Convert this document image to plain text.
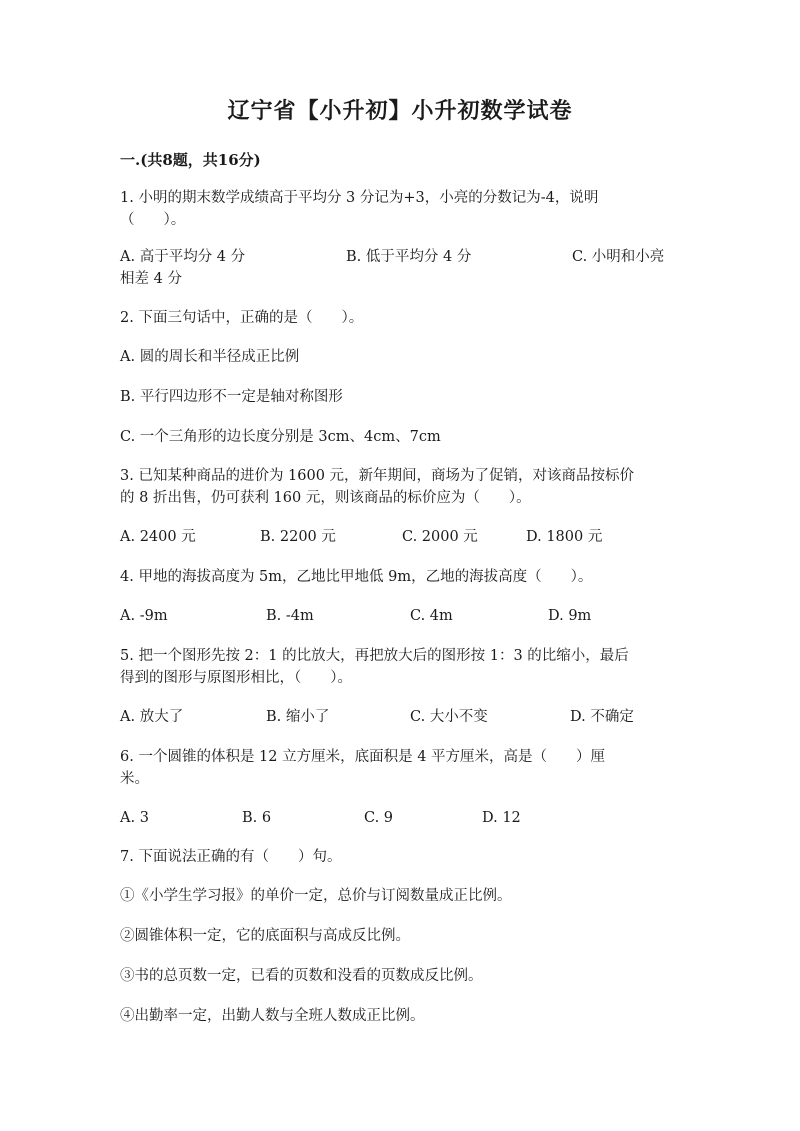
辽宁省【小升初】小升初数学试卷
一.(共8题，共16分)
1. 小明的期末数学成绩高于平均分 3 分记为+3，小亮的分数记为-4，说明
（　　）。
A. 高于平均分 4 分	B. 低于平均分 4 分	C. 小明和小亮
相差 4 分
2. 下面三句话中，正确的是（　　）。
A. 圆的周长和半径成正比例
B. 平行四边形不一定是轴对称图形
C. 一个三角形的边长度分别是 3cm、4cm、7cm
3. 已知某种商品的进价为 1600 元，新年期间，商场为了促销，对该商品按标价
的 8 折出售，仍可获利 160 元，则该商品的标价应为（　　）。
A. 2400 元	B. 2200 元	C. 2000 元	D. 1800 元
4. 甲地的海拔高度为 5m，乙地比甲地低 9m，乙地的海拔高度（　　）。
A. -9m	B. -4m	C. 4m	D. 9m
5. 把一个图形先按 2：1 的比放大，再把放大后的图形按 1：3 的比缩小，最后
得到的图形与原图形相比，（　　）。
A. 放大了	B. 缩小了	C. 大小不变	D. 不确定
6. 一个圆锥的体积是 12 立方厘米，底面积是 4 平方厘米，高是（　　）厘
米。
A. 3	B. 6	C. 9	D. 12
7. 下面说法正确的有（　　）句。
①《小学生学习报》的单价一定，总价与订阅数量成正比例。
②圆锥体积一定，它的底面积与高成反比例。
③书的总页数一定，已看的页数和没看的页数成反比例。
④出勤率一定，出勤人数与全班人数成正比例。
